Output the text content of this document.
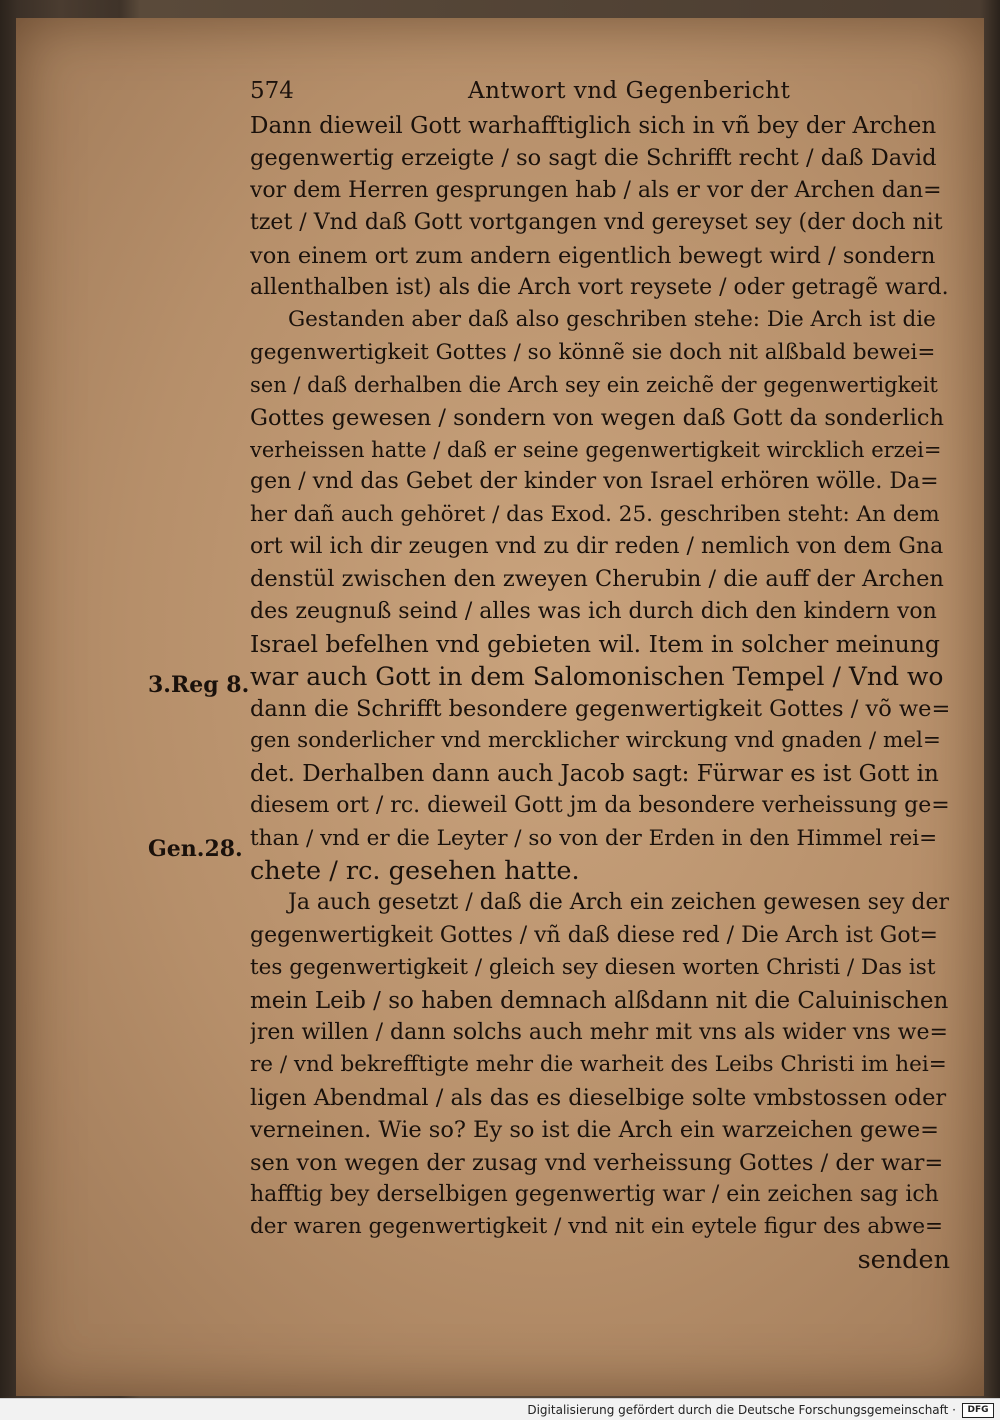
574	Antwort vnd Gegenbericht
3.Reg 8.
Gen.28.
Dann dieweil Gott warhafftiglich sich in vñ bey der Archen
gegenwertig erzeigte / so sagt die Schrifft recht / daß David
vor dem Herren gesprungen hab / als er vor der Archen dan=
tzet / Vnd daß Gott vortgangen vnd gereyset sey (der doch nit
von einem ort zum andern eigentlich bewegt wird / sondern
allenthalben ist) als die Arch vort reysete / oder getragẽ ward.
Gestanden aber daß also geschriben stehe: Die Arch ist die
gegenwertigkeit Gottes / so könnẽ sie doch nit alßbald bewei=
sen / daß derhalben die Arch sey ein zeichẽ der gegenwertigkeit
Gottes gewesen / sondern von wegen daß Gott da sonderlich
verheissen hatte / daß er seine gegenwertigkeit wircklich erzei=
gen / vnd das Gebet der kinder von Israel erhören wölle. Da=
her dañ auch gehöret / das Exod. 25. geschriben steht: An dem
ort wil ich dir zeugen vnd zu dir reden / nemlich von dem Gna
denstül zwischen den zweyen Cherubin / die auff der Archen
des zeugnuß seind / alles was ich durch dich den kindern von
Israel befelhen vnd gebieten wil. Item in solcher meinung
war auch Gott in dem Salomonischen Tempel / Vnd wo
dann die Schrifft besondere gegenwertigkeit Gottes / võ we=
gen sonderlicher vnd mercklicher wirckung vnd gnaden / mel=
det. Derhalben dann auch Jacob sagt: Fürwar es ist Gott in
diesem ort / rc. dieweil Gott jm da besondere verheissung ge=
than / vnd er die Leyter / so von der Erden in den Himmel rei=
chete / rc. gesehen hatte.
Ja auch gesetzt / daß die Arch ein zeichen gewesen sey der
gegenwertigkeit Gottes / vñ daß diese red / Die Arch ist Got=
tes gegenwertigkeit / gleich sey diesen worten Christi / Das ist
mein Leib / so haben demnach alßdann nit die Caluinischen
jren willen / dann solchs auch mehr mit vns als wider vns we=
re / vnd bekrefftigte mehr die warheit des Leibs Christi im hei=
ligen Abendmal / als das es dieselbige solte vmbstossen oder
verneinen. Wie so? Ey so ist die Arch ein warzeichen gewe=
sen von wegen der zusag vnd verheissung Gottes / der war=
hafftig bey derselbigen gegenwertig war / ein zeichen sag ich
der waren gegenwertigkeit / vnd nit ein eytele figur des abwe=
senden
Digitalisierung gefördert durch die Deutsche Forschungsgemeinschaft ·	DFG
